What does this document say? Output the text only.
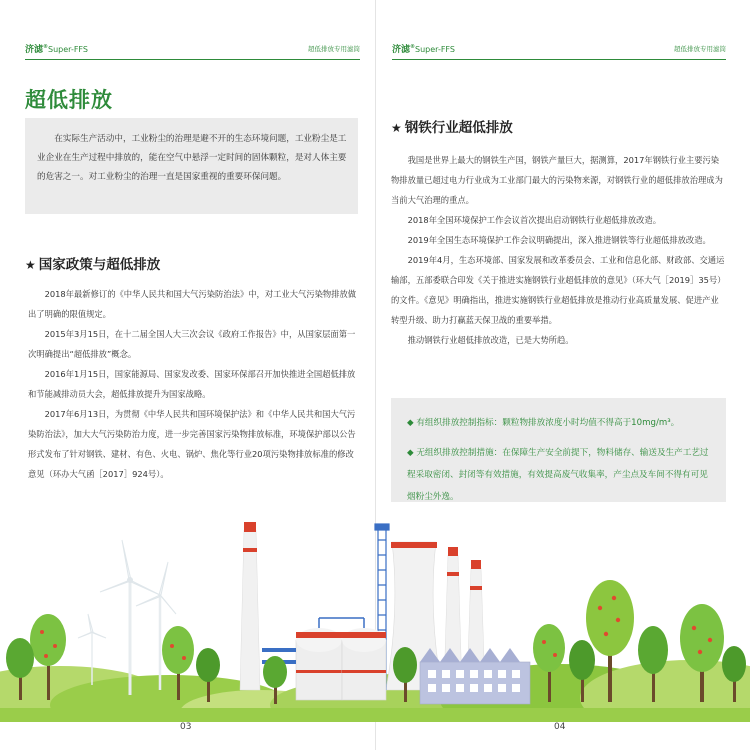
济滤®Super-FFS	超低排放专用滤筒
超低排放

在实际生产活动中，工业粉尘的治理是避不开的生态环境问题，工业粉尘是工业企业在生产过程中排放的，能在空气中悬浮一定时间的固体颗粒，是对人体主要的危害之一。对工业粉尘的治理一直是国家重视的重要环保问题。

★ 国家政策与超低排放

2018年最新修订的《中华人民共和国大气污染防治法》中，对工业大气污染物排放做出了明确的限值规定。

2015年3月15日，在十二届全国人大三次会议《政府工作报告》中，从国家层面第一次明确提出“超低排放”概念。

2016年1月15日，国家能源局、国家发改委、国家环保部召开加快推进全国超低排放和节能减排动员大会，超低排放提升为国家战略。

2017年6月13日，为贯彻《中华人民共和国环境保护法》和《中华人民共和国大气污染防治法》，加大大气污染防治力度，进一步完善国家污染物排放标准，环境保护部以公告形式发布了针对钢铁、建材、有色、火电、锅炉、焦化等行业20项污染物排放标准的修改意见（环办大气函［2017］924号）。

03
济滤®Super-FFS	超低排放专用滤筒
★ 钢铁行业超低排放

我国是世界上最大的钢铁生产国，钢铁产量巨大，据测算，2017年钢铁行业主要污染物排放量已超过电力行业成为工业部门最大的污染物来源，对钢铁行业的超低排放治理成为当前大气治理的重点。

2018年全国环境保护工作会议首次提出启动钢铁行业超低排放改造。

2019年全国生态环境保护工作会议明确提出，深入推进钢铁等行业超低排放改造。

2019年4月，生态环境部、国家发展和改革委员会、工业和信息化部、财政部、交通运输部，五部委联合印发《关于推进实施钢铁行业超低排放的意见》（环大气［2019］35号）的文件。《意见》明确指出，推进实施钢铁行业超低排放是推动行业高质量发展、促进产业转型升级、助力打赢蓝天保卫战的重要举措。

推动钢铁行业超低排放改造，已是大势所趋。

◆ 有组织排放控制指标：颗粒物排放浓度小时均值不得高于10mg/m³。

◆ 无组织排放控制措施：在保障生产安全前提下，物料储存、输送及生产工艺过程采取密闭、封闭等有效措施，有效提高废气收集率，产尘点及车间不得有可见烟粉尘外逸。

04
